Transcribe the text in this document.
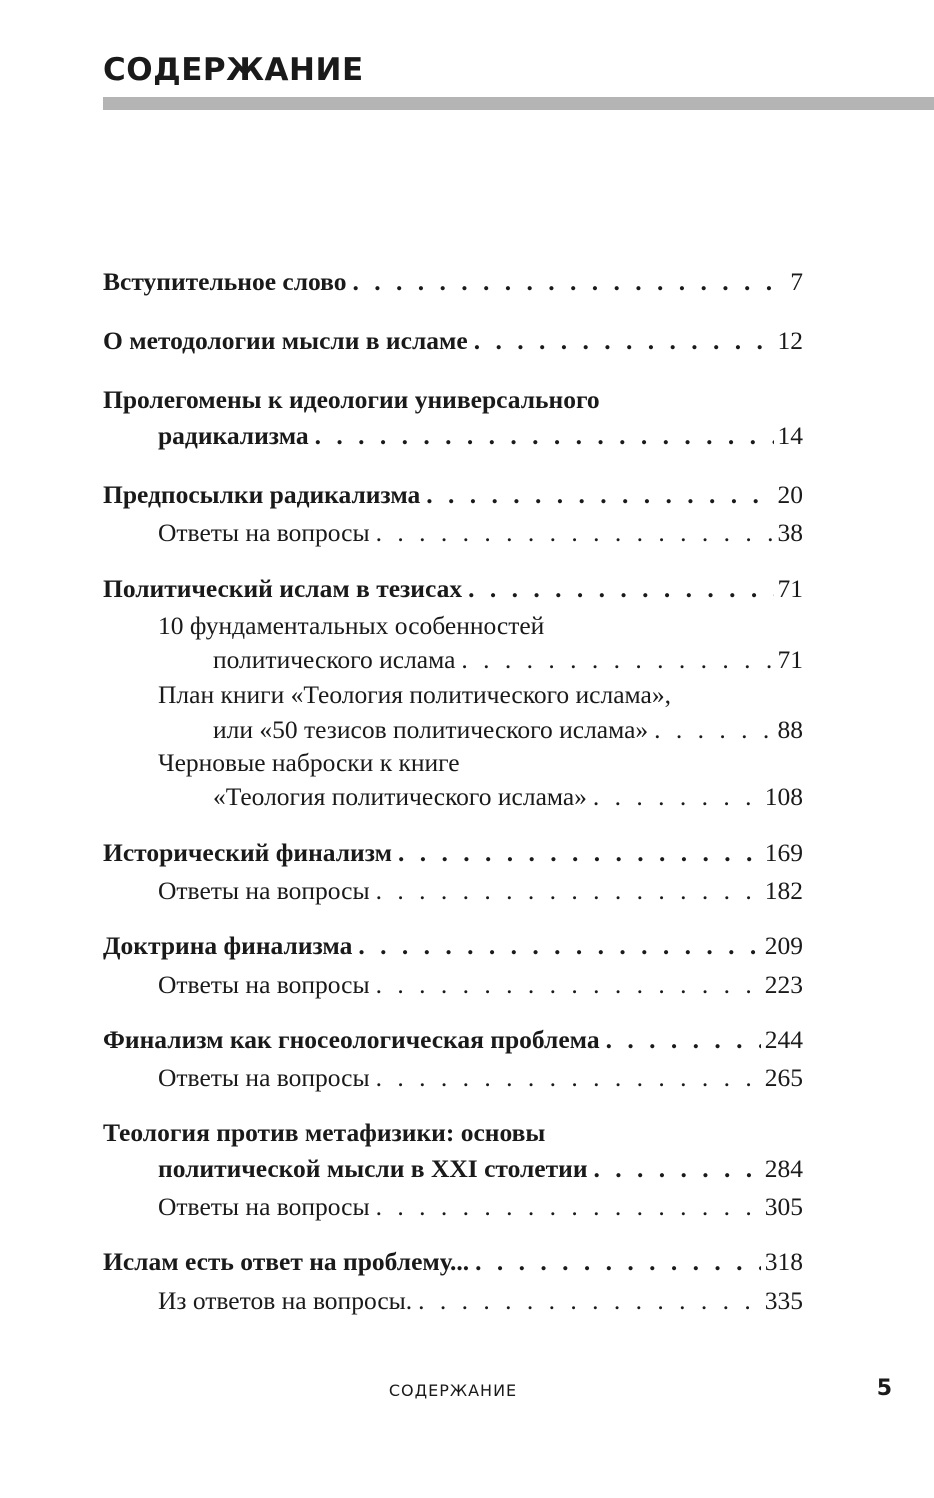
СОДЕРЖАНИЕ
Вступительное слово . . .	7
О методологии мысли в исламе . . .	12
Пролегомены к идеологии универсального
радикализма . . .	14
Предпосылки радикализма . . .	20
Ответы на вопросы . . .	38
Политический ислам в тезисах . . .	71
10 фундаментальных особенностей
политического ислама . . .	71
План книги «Теология политического ислама»,
или «50 тезисов политического ислама» . . .	88
Черновые наброски к книге
«Теология политического ислама» . . .	108
Исторический финализм . . .	169
Ответы на вопросы . . .	182
Доктрина финализма . . .	209
Ответы на вопросы . . .	223
Финализм как гносеологическая проблема . . .	244
Ответы на вопросы . . .	265
Теология против метафизики: основы
политической мысли в XXI столетии . . .	284
Ответы на вопросы . . .	305
Ислам есть ответ на проблему... . . .	318
Из ответов на вопросы. . . .	335
СОДЕРЖАНИЕ	5
